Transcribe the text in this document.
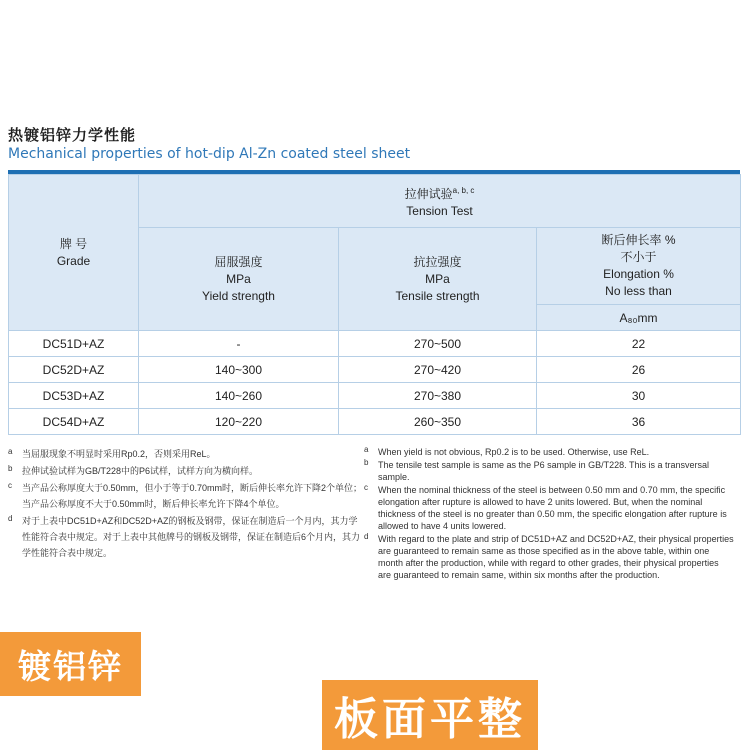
热镀铝锌力学性能
Mechanical properties of hot-dip Al-Zn coated steel sheet
牌 号
Grade	拉伸试验$^{a, b, c}$
Tension Test		

	屈服强度
MPa
Yield strength	抗拉强度
MPa
Tensile strength	断后伸长率 %
不小于
Elongation %
No less than

			A₈₀mm
DC51D+AZ	-	270~500	22
DC52D+AZ	140~300	270~420	26
DC53D+AZ	140~260	270~380	30
DC54D+AZ	120~220	260~350	36
a 当屈服现象不明显时采用Rp0.2，否则采用ReL。
b 拉伸试验试样为GB/T228中的P6试样，试样方向为横向样。
c 当产品公称厚度大于0.50mm，但小于等于0.70mm时，断后伸长率允许下降2个单位；当产品公称厚度不大于0.50mm时，断后伸长率允许下降4个单位。
d 对于上表中DC51D+AZ和DC52D+AZ的钢板及钢带，保证在制造后一个月内，其力学性能符合表中规定。对于上表中其他牌号的钢板及钢带，保证在制造后6个月内，其力学性能符合表中规定。
a When yield is not obvious, Rp0.2 is to be used. Otherwise, use ReL.
b The tensile test sample is same as the P6 sample in GB/T228. This is a transversal sample.
c When the nominal thickness of the steel is between 0.50 mm and 0.70 mm, the specific elongation after rupture is allowed to have 2 units lowered. But, when the nominal thickness of the steel is no greater than 0.50 mm, the specific elongation after rupture is allowed to have 4 units lowered.
d With regard to the plate and strip of DC51D+AZ and DC52D+AZ, their physical properties are guaranteed to remain same as those specified as in the above table, within one month after the production, while with regard to other grades, their physical properties are guaranteed to remain same, within six months after the production.
镀铝锌
板面平整
